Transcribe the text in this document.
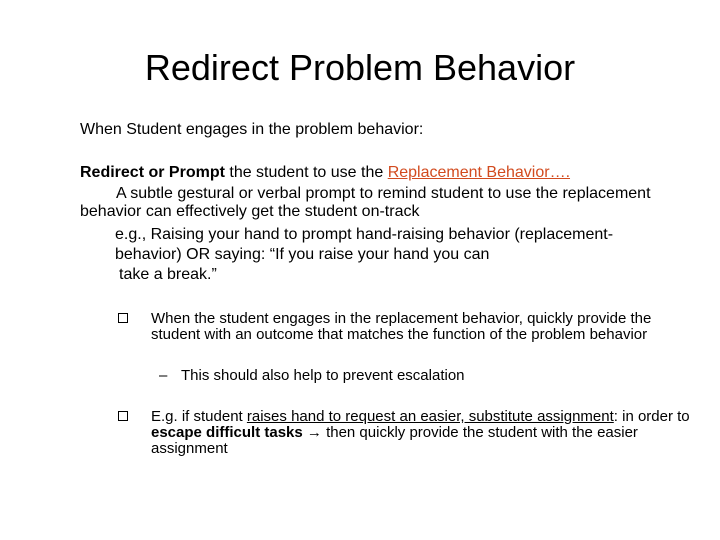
Redirect Problem Behavior
When Student engages in the problem behavior:
Redirect or Prompt the student to use the Replacement Behavior….
A subtle gestural or verbal prompt to remind student to use the replacement behavior can effectively get the student on-track
e.g., Raising your hand to prompt hand-raising behavior (replacement-behavior) OR saying: “If you raise your hand you can
take a break.”
When the student engages in the replacement behavior, quickly provide the student with an outcome that matches the function of the problem behavior
– This should also help to prevent escalation
E.g. if student raises hand to request an easier, substitute assignment: in order to escape difficult tasks → then quickly provide the student with the easier assignment
